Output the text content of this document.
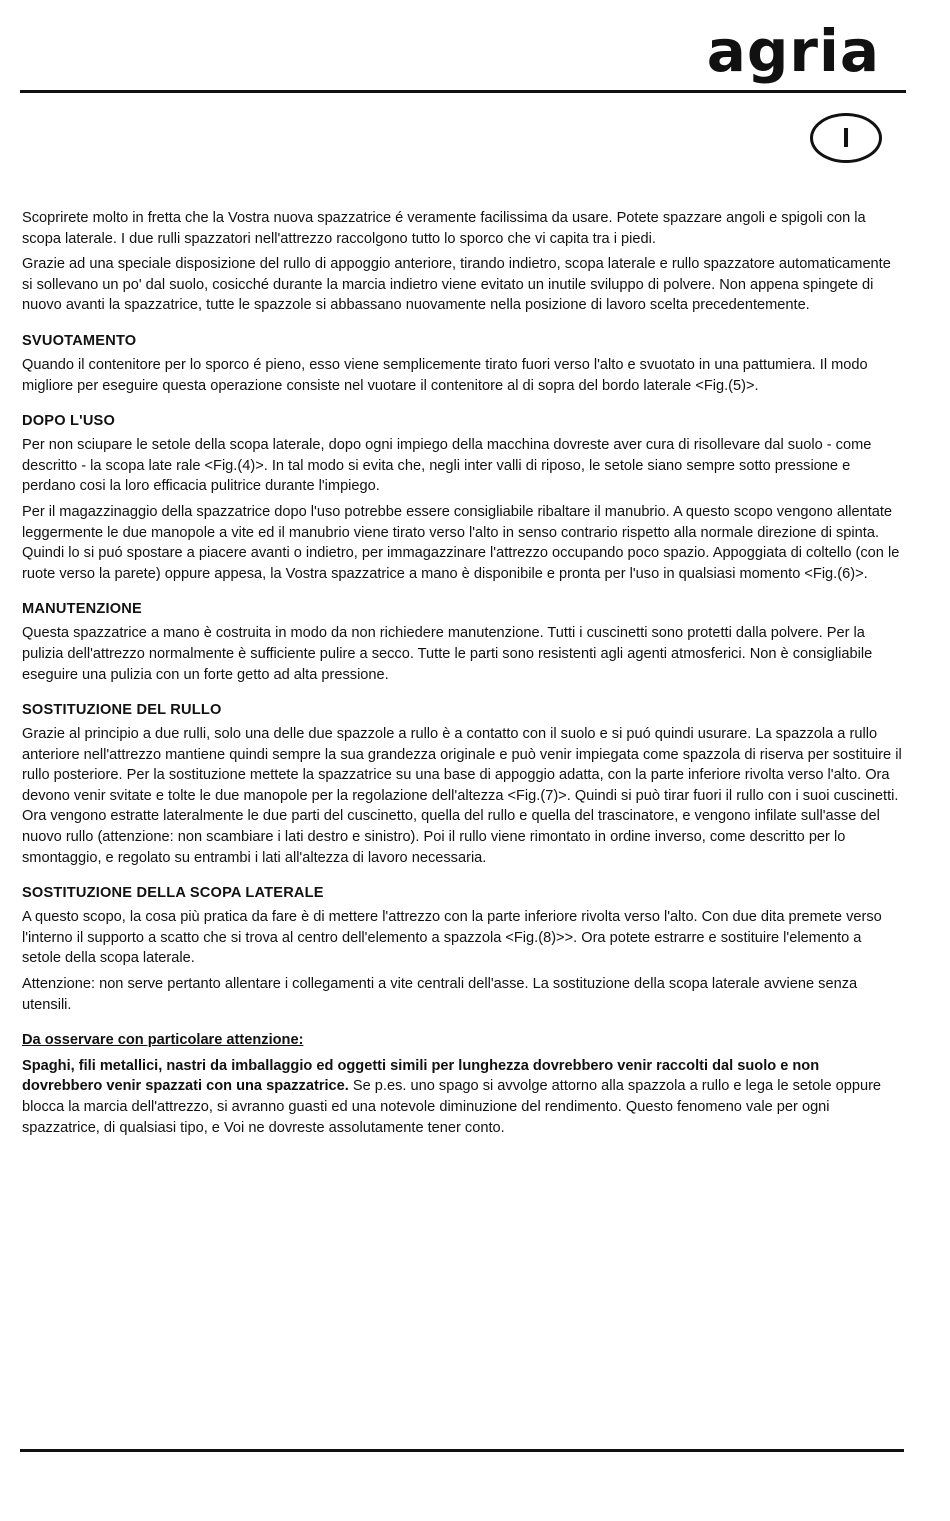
agria
I

Scoprirete molto in fretta che la Vostra nuova spazzatrice é veramente facilissima da usare. Potete spazzare angoli e spigoli con la scopa laterale. I due rulli spazzatori nell'attrezzo raccolgono tutto lo sporco che vi capita tra i piedi.

Grazie ad una speciale disposizione del rullo di appoggio anteriore, tirando indietro, scopa laterale e rullo spazzatore automaticamente si sollevano un po' dal suolo, cosicché durante la marcia indietro viene evitato un inutile sviluppo di polvere. Non appena spingete di nuovo avanti la spazzatrice, tutte le spazzole si abbassano nuovamente nella posizione di lavoro scelta precedentemente.

SVUOTAMENTO

Quando il contenitore per lo sporco é pieno, esso viene semplicemente tirato fuori verso l'alto e svuotato in una pattumiera. Il modo migliore per eseguire questa operazione consiste nel vuotare il contenitore al di sopra del bordo laterale <Fig.(5)>.

DOPO L'USO

Per non sciupare le setole della scopa laterale, dopo ogni impiego della macchina dovreste aver cura di risollevare dal suolo - come descritto - la scopa late rale <Fig.(4)>. In tal modo si evita che, negli inter valli di riposo, le setole siano sempre sotto pressione e perdano cosi la loro efficacia pulitrice durante l'impiego.

Per il magazzinaggio della spazzatrice dopo l'uso potrebbe essere consigliabile ribaltare il manubrio. A questo scopo vengono allentate leggermente le due manopole a vite ed il manubrio viene tirato verso l'alto in senso contrario rispetto alla normale direzione di spinta. Quindi lo si puó spostare a piacere avanti o indietro, per immagazzinare l'attrezzo occupando poco spazio. Appoggiata di coltello (con le ruote verso la parete) oppure appesa, la Vostra spazzatrice a mano è disponibile e pronta per l'uso in qualsiasi momento <Fig.(6)>.

MANUTENZIONE

Questa spazzatrice a mano è costruita in modo da non richiedere manutenzione. Tutti i cuscinetti sono protetti dalla polvere. Per la pulizia dell'attrezzo normalmente è sufficiente pulire a secco. Tutte le parti sono resistenti agli agenti atmosferici. Non è consigliabile eseguire una pulizia con un forte getto ad alta pressione.

SOSTITUZIONE DEL RULLO

Grazie al principio a due rulli, solo una delle due spazzole a rullo è a contatto con il suolo e si puó quindi usurare. La spazzola a rullo anteriore nell'attrezzo mantiene quindi sempre la sua grandezza originale e può venir impiegata come spazzola di riserva per sostituire il rullo posteriore. Per la sostituzione mettete la spazzatrice su una base di appoggio adatta, con la parte inferiore rivolta verso l'alto. Ora devono venir svitate e tolte le due manopole per la regolazione dell'altezza <Fig.(7)>. Quindi si può tirar fuori il rullo con i suoi cuscinetti. Ora vengono estratte lateralmente le due parti del cuscinetto, quella del rullo e quella del trascinatore, e vengono infilate sull'asse del nuovo rullo (attenzione: non scambiare i lati destro e sinistro). Poi il rullo viene rimontato in ordine inverso, come descritto per lo smontaggio, e regolato su entrambi i lati all'altezza di lavoro necessaria.

SOSTITUZIONE DELLA SCOPA LATERALE

A questo scopo, la cosa più pratica da fare è di mettere l'attrezzo con la parte inferiore rivolta verso l'alto. Con due dita premete verso l'interno il supporto a scatto che si trova al centro dell'elemento a spazzola <Fig.(8)>>. Ora potete estrarre e sostituire l'elemento a setole della scopa laterale.

Attenzione: non serve pertanto allentare i collegamenti a vite centrali dell'asse. La sostituzione della scopa laterale avviene senza utensili.

Da osservare con particolare attenzione:

Spaghi, fili metallici, nastri da imballaggio ed oggetti simili per lunghezza dovrebbero venir raccolti dal suolo e non dovrebbero venir spazzati con una spazzatrice. Se p.es. uno spago si avvolge attorno alla spazzola a rullo e lega le setole oppure blocca la marcia dell'attrezzo, si avranno guasti ed una notevole diminuzione del rendimento. Questo fenomeno vale per ogni spazzatrice, di qualsiasi tipo, e Voi ne dovreste assolutamente tener conto.
